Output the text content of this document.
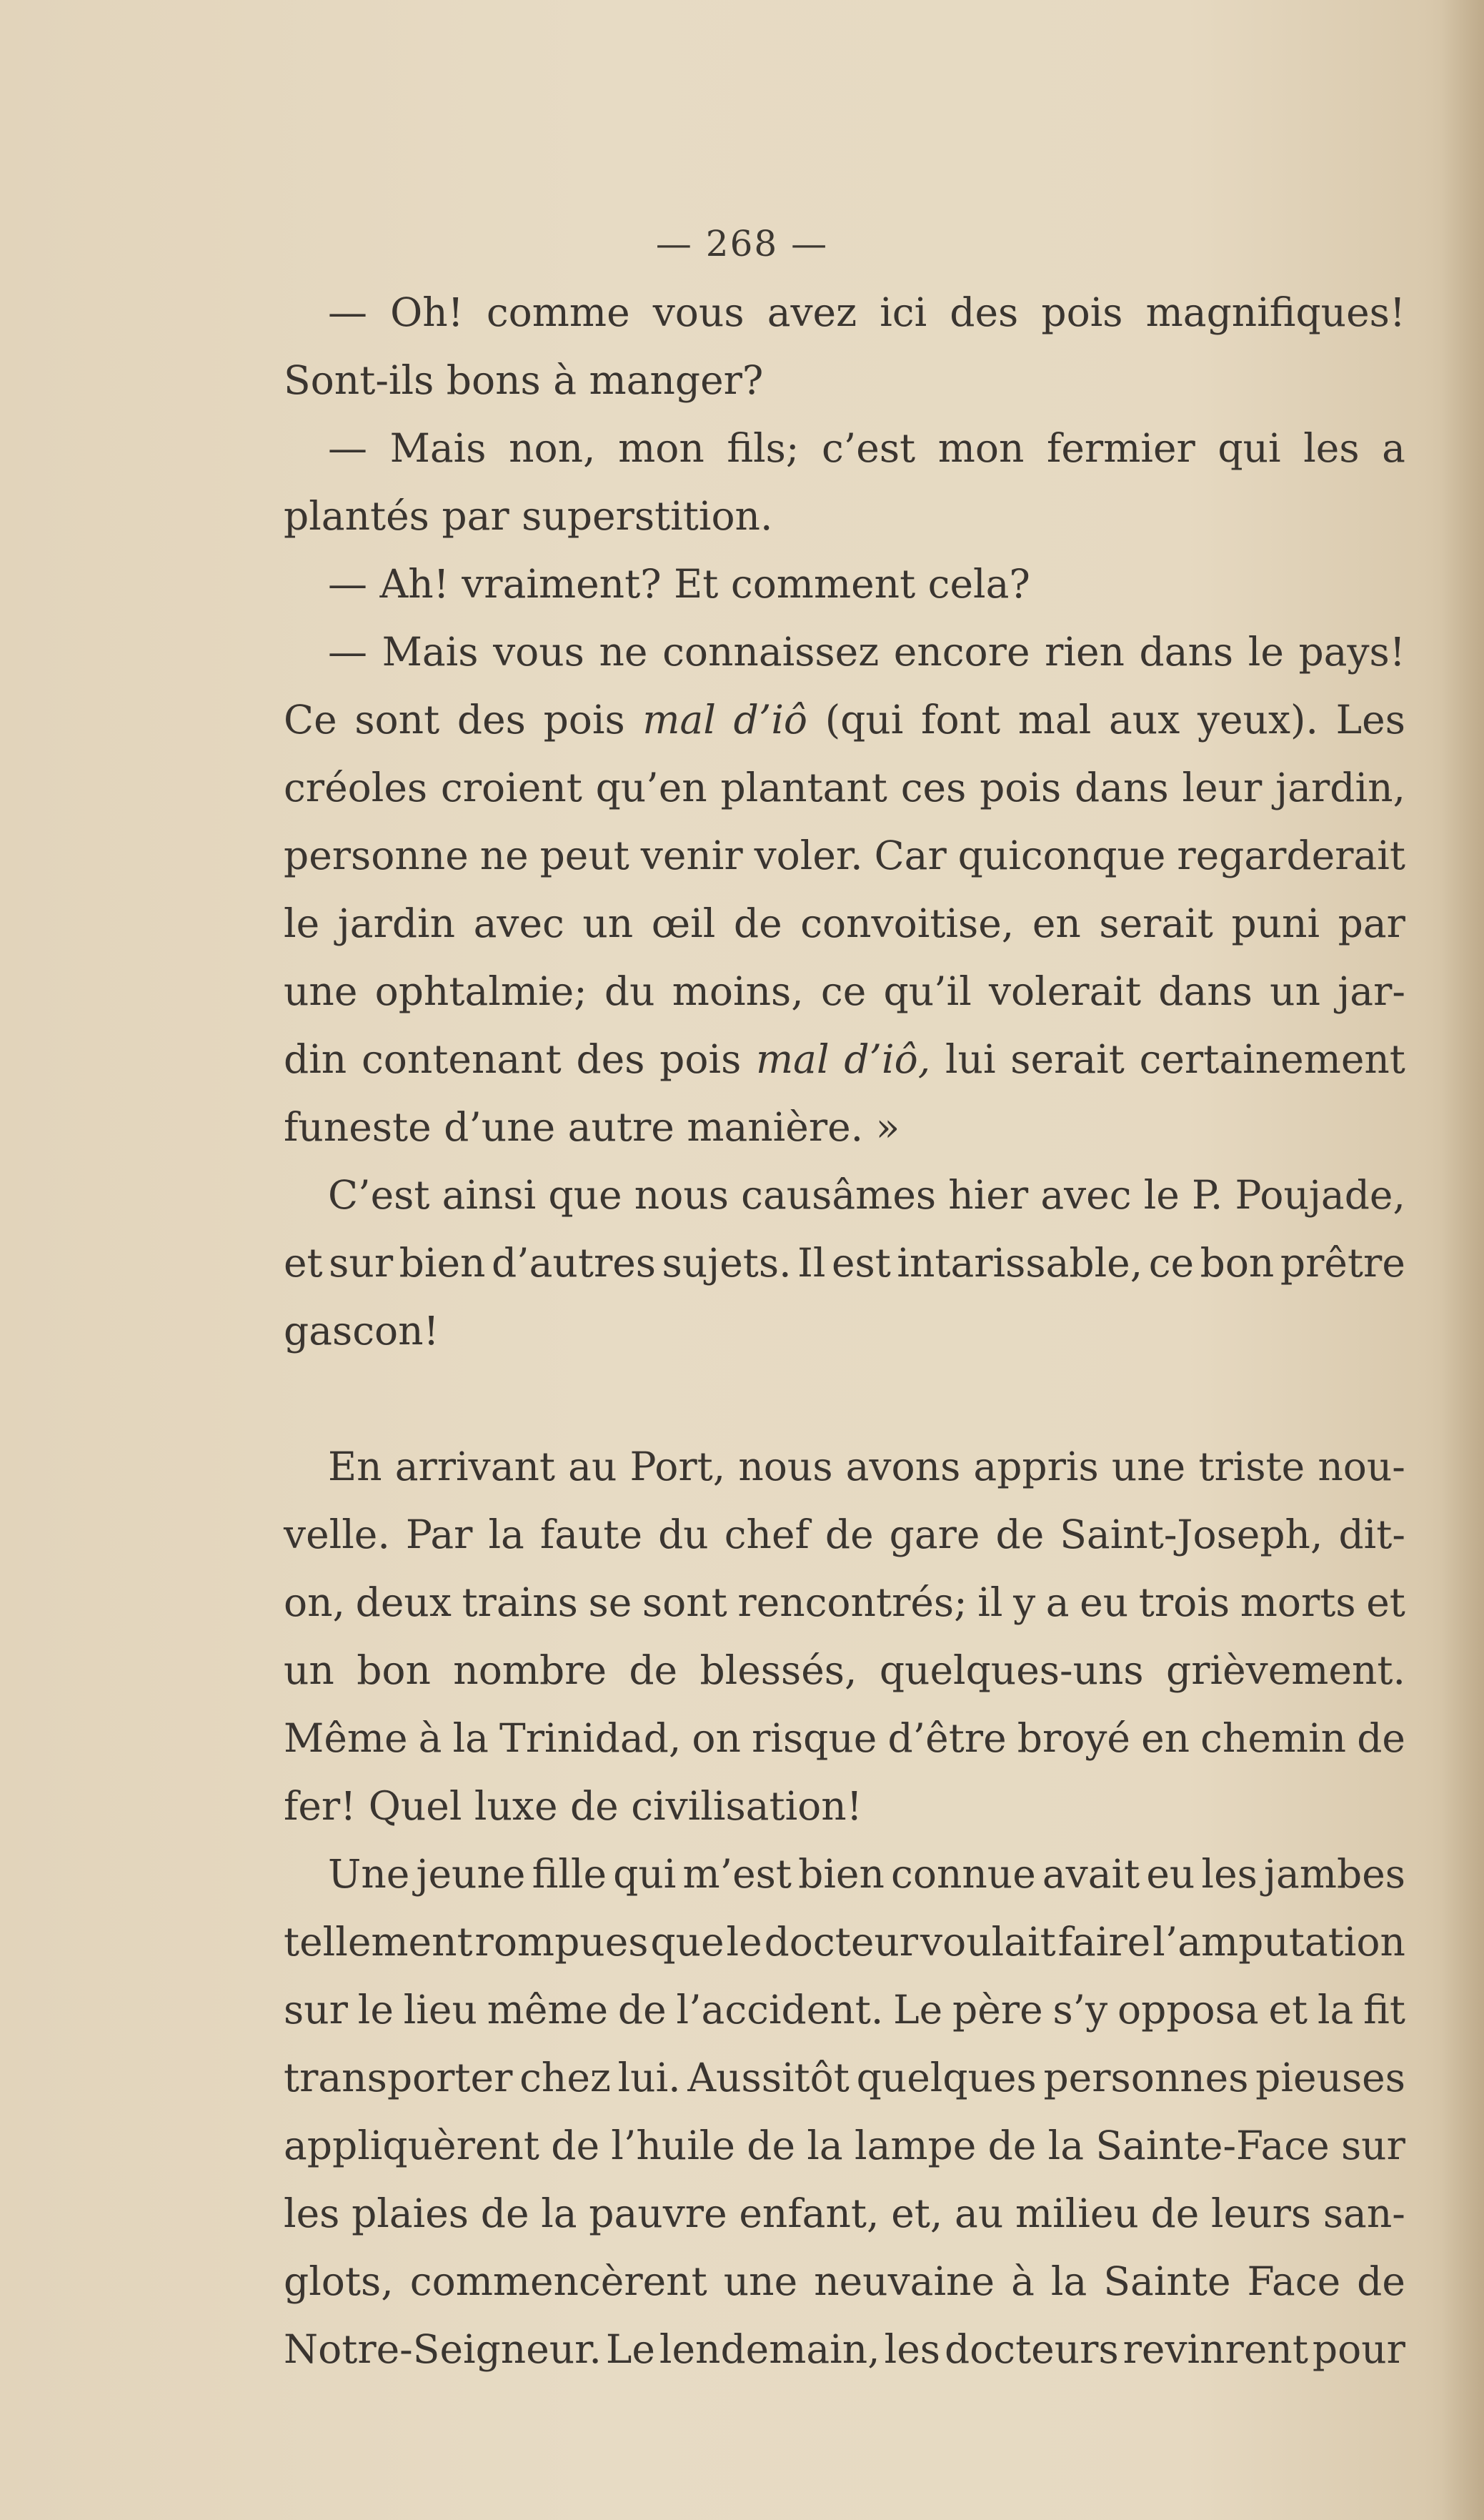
— 268 —
— Oh! comme vous avez ici des pois magnifiques!
Sont-ils bons à manger?
— Mais non, mon fils; c’est mon fermier qui les a
plantés par superstition.
— Ah! vraiment? Et comment cela?
— Mais vous ne connaissez encore rien dans le pays!
Ce sont des pois mal d’iô (qui font mal aux yeux). Les
créoles croient qu’en plantant ces pois dans leur jardin,
personne ne peut venir voler. Car quiconque regarderait
le jardin avec un œil de convoitise, en serait puni par
une ophtalmie; du moins, ce qu’il volerait dans un jar-
din contenant des pois mal d’iô, lui serait certainement
funeste d’une autre manière. »
C’est ainsi que nous causâmes hier avec le P. Poujade,
et sur bien d’autres sujets. Il est intarissable, ce bon prêtre
gascon!
En arrivant au Port, nous avons appris une triste nou-
velle. Par la faute du chef de gare de Saint-Joseph, dit-
on, deux trains se sont rencontrés; il y a eu trois morts et
un bon nombre de blessés, quelques-uns grièvement.
Même à la Trinidad, on risque d’être broyé en chemin de
fer! Quel luxe de civilisation!
Une jeune fille qui m’est bien connue avait eu les jambes
tellement rompues que le docteur voulait faire l’amputation
sur le lieu même de l’accident. Le père s’y opposa et la fit
transporter chez lui. Aussitôt quelques personnes pieuses
appliquèrent de l’huile de la lampe de la Sainte-Face sur
les plaies de la pauvre enfant, et, au milieu de leurs san-
glots, commencèrent une neuvaine à la Sainte Face de
Notre-Seigneur. Le lendemain, les docteurs revinrent pour
